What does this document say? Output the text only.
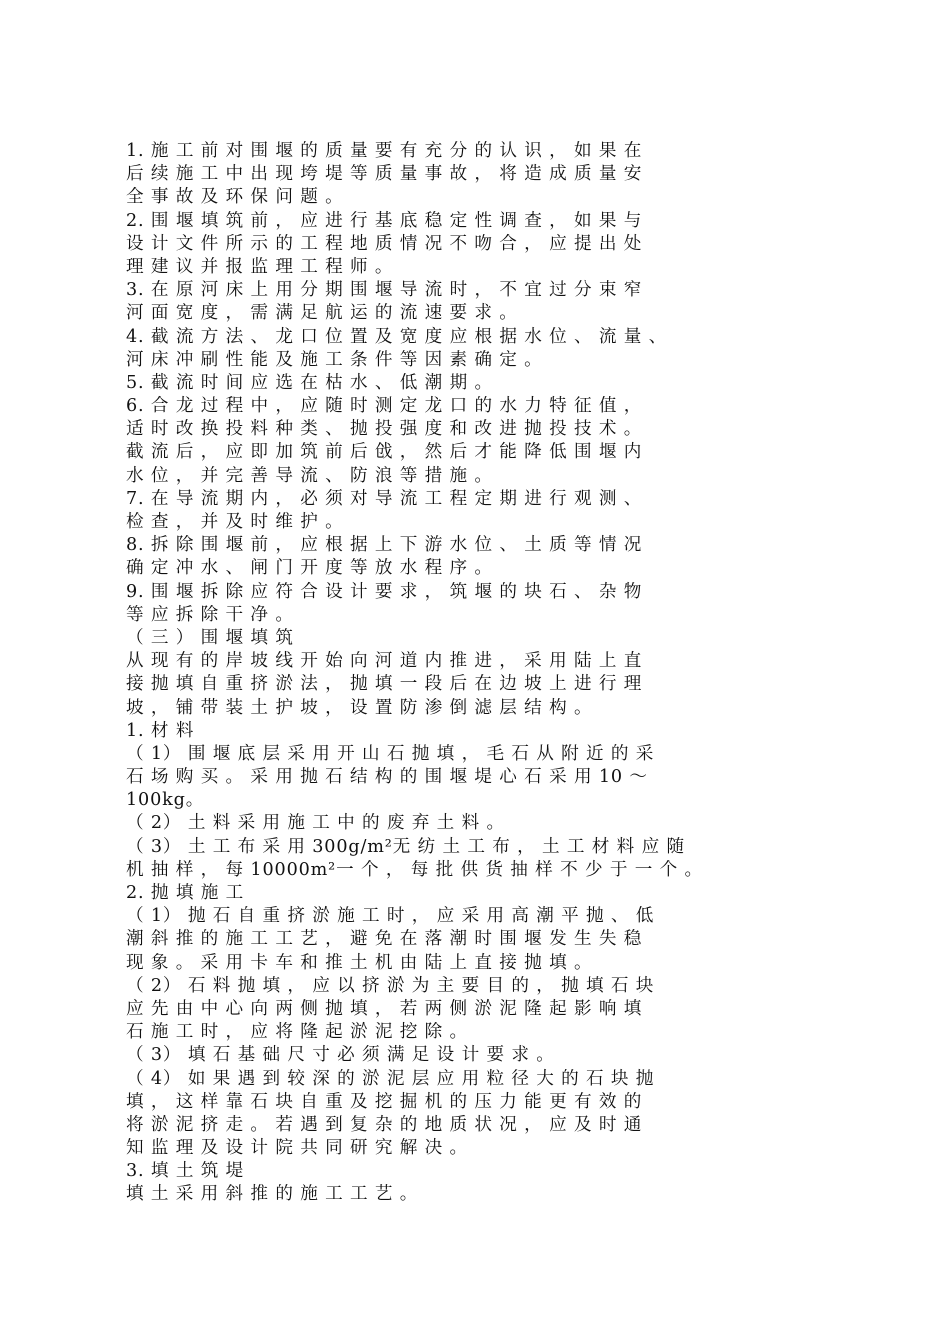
1. 施 工 前 对 围 堰 的 质 量 要 有 充 分 的 认 识 ， 如 果 在
后 续 施 工 中 出 现 垮 堤 等 质 量 事 故 ， 将 造 成 质 量 安
全 事 故 及 环 保 问 题 。
2. 围 堰 填 筑 前 ， 应 进 行 基 底 稳 定 性 调 查 ， 如 果 与
设 计 文 件 所 示 的 工 程 地 质 情 况 不 吻 合 ， 应 提 出 处
理 建 议 并 报 监 理 工 程 师 。
3. 在 原 河 床 上 用 分 期 围 堰 导 流 时 ， 不 宜 过 分 束 窄
河 面 宽 度 ， 需 满 足 航 运 的 流 速 要 求 。
4. 截 流 方 法 、 龙 口 位 置 及 宽 度 应 根 据 水 位 、 流 量 、
河 床 冲 刷 性 能 及 施 工 条 件 等 因 素 确 定 。
5. 截 流 时 间 应 选 在 枯 水 、 低 潮 期 。
6. 合 龙 过 程 中 ， 应 随 时 测 定 龙 口 的 水 力 特 征 值 ，
适 时 改 换 投 料 种 类 、 抛 投 强 度 和 改 进 抛 投 技 术 。
截 流 后 ， 应 即 加 筑 前 后 戗 ， 然 后 才 能 降 低 围 堰 内
水 位 ， 并 完 善 导 流 、 防 浪 等 措 施 。
7. 在 导 流 期 内 ， 必 须 对 导 流 工 程 定 期 进 行 观 测 、
检 查 ， 并 及 时 维 护 。
8. 拆 除 围 堰 前 ， 应 根 据 上 下 游 水 位 、 土 质 等 情 况
确 定 冲 水 、 闸 门 开 度 等 放 水 程 序 。
9. 围 堰 拆 除 应 符 合 设 计 要 求 ， 筑 堰 的 块 石 、 杂 物
等 应 拆 除 干 净 。
（ 三 ） 围 堰 填 筑
从 现 有 的 岸 坡 线 开 始 向 河 道 内 推 进 ， 采 用 陆 上 直
接 抛 填 自 重 挤 淤 法 ， 抛 填 一 段 后 在 边 坡 上 进 行 理
坡 ， 铺 带 装 土 护 坡 ， 设 置 防 渗 倒 滤 层 结 构 。
1. 材 料
（ 1） 围 堰 底 层 采 用 开 山 石 抛 填 ， 毛 石 从 附 近 的 采
石 场 购 买 。 采 用 抛 石 结 构 的 围 堰 堤 心 石 采 用 10 ～
100kg。
（ 2） 土 料 采 用 施 工 中 的 废 弃 土 料 。
（ 3） 土 工 布 采 用 300g/m²无 纺 土 工 布 ， 土 工 材 料 应 随
机 抽 样 ， 每 10000m²一 个 ， 每 批 供 货 抽 样 不 少 于 一 个 。
2. 抛 填 施 工
（ 1） 抛 石 自 重 挤 淤 施 工 时 ， 应 采 用 高 潮 平 抛 、 低
潮 斜 推 的 施 工 工 艺 ， 避 免 在 落 潮 时 围 堰 发 生 失 稳
现 象 。 采 用 卡 车 和 推 土 机 由 陆 上 直 接 抛 填 。
（ 2） 石 料 抛 填 ， 应 以 挤 淤 为 主 要 目 的 ， 抛 填 石 块
应 先 由 中 心 向 两 侧 抛 填 ， 若 两 侧 淤 泥 隆 起 影 响 填
石 施 工 时 ， 应 将 隆 起 淤 泥 挖 除 。
（ 3） 填 石 基 础 尺 寸 必 须 满 足 设 计 要 求 。
（ 4） 如 果 遇 到 较 深 的 淤 泥 层 应 用 粒 径 大 的 石 块 抛
填 ， 这 样 靠 石 块 自 重 及 挖 掘 机 的 压 力 能 更 有 效 的
将 淤 泥 挤 走 。 若 遇 到 复 杂 的 地 质 状 况 ， 应 及 时 通
知 监 理 及 设 计 院 共 同 研 究 解 决 。
3. 填 土 筑 堤
填 土 采 用 斜 推 的 施 工 工 艺 。
